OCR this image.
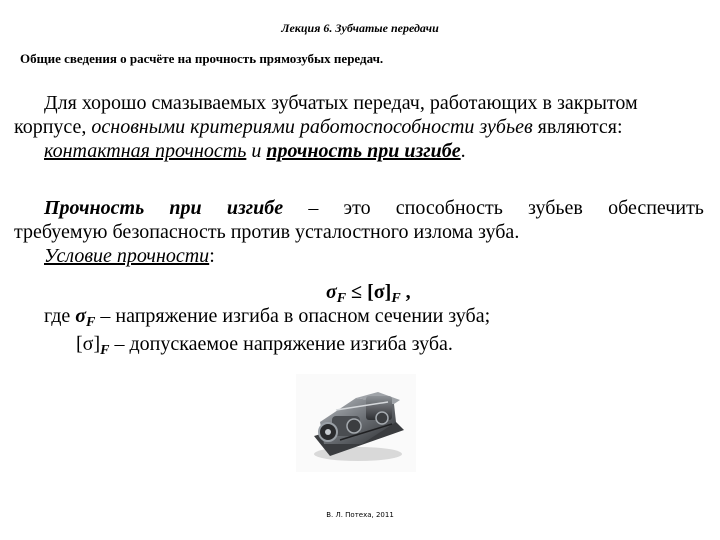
Лекция 6. Зубчатые передачи
Общие сведения о расчёте на прочность прямозубых передач.
Для хорошо смазываемых зубчатых передач, работающих в закрытом
корпусе, основными критериями работоспособности зубьев являются:
контактная прочность и прочность при изгибе.
Прочность при изгибе – это способность зубьев обеспечить
требуемую безопасность против усталостного излома зуба.
Условие прочности:
$\sigma_F \le [\sigma]_F$ ,
где $\sigma_F$ – напряжение изгиба в опасном сечении зуба;
$[\sigma]_F$ – допускаемое напряжение изгиба зуба.
В. Л. Потеха, 2011
